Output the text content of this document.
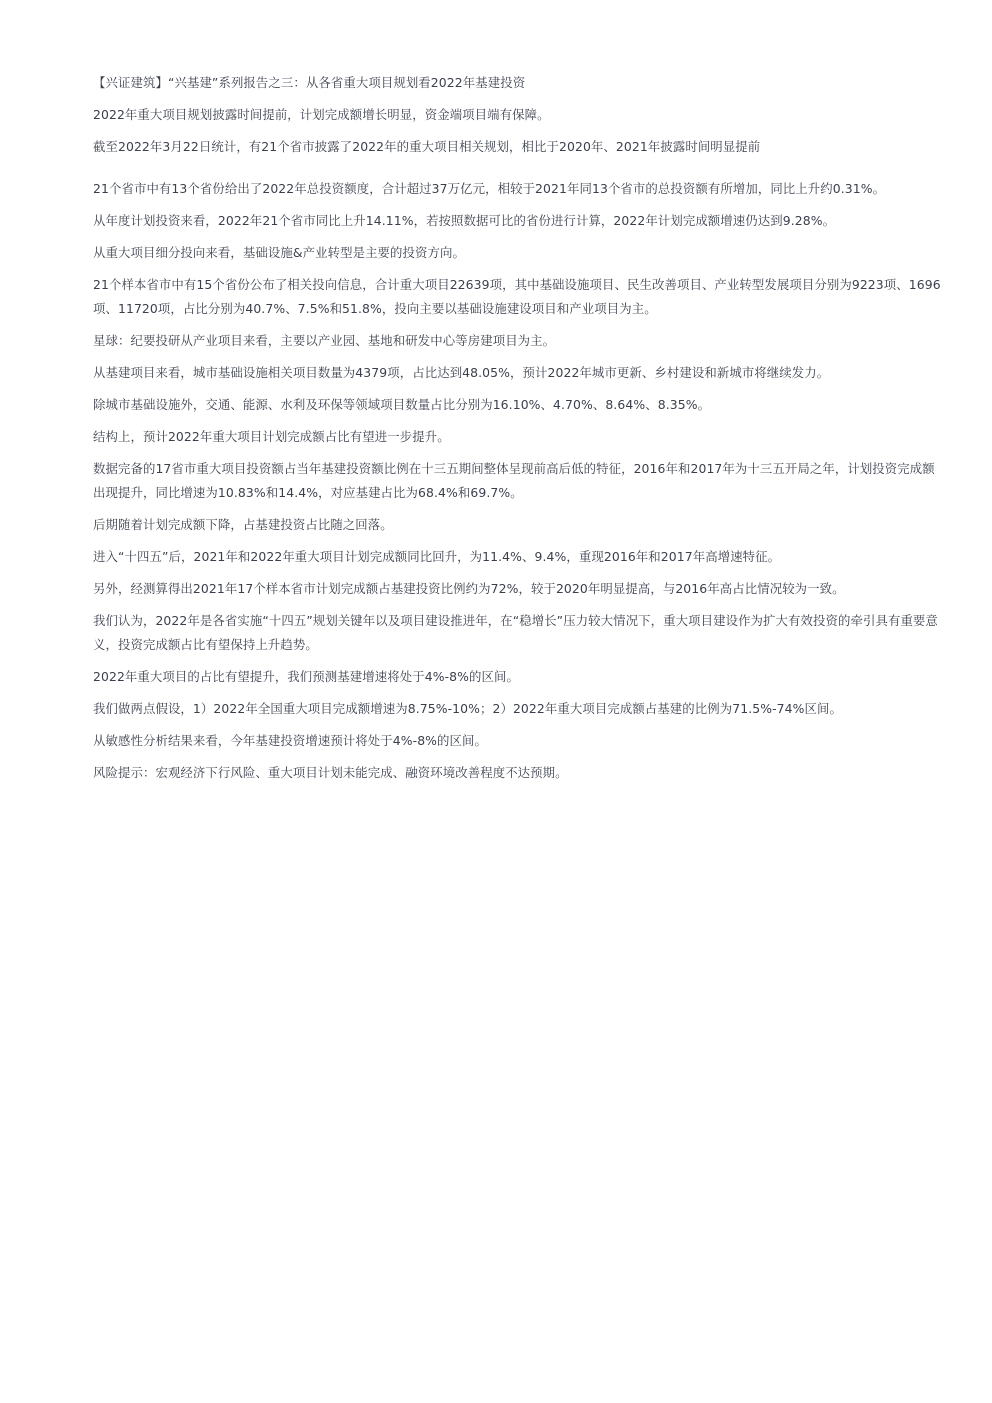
【兴证建筑】“兴基建”系列报告之三：从各省重大项目规划看2022年基建投资

2022年重大项目规划披露时间提前，计划完成额增长明显，资金端项目端有保障。

截至2022年3月22日统计，有21个省市披露了2022年的重大项目相关规划，相比于2020年、2021年披露时间明显提前

21个省市中有13个省份给出了2022年总投资额度，合计超过37万亿元，相较于2021年同13个省市的总投资额有所增加，同比上升约0.31%。

从年度计划投资来看，2022年21个省市同比上升14.11%，若按照数据可比的省份进行计算，2022年计划完成额增速仍达到9.28%。

从重大项目细分投向来看，基础设施&产业转型是主要的投资方向。

21个样本省市中有15个省份公布了相关投向信息，合计重大项目22639项，其中基础设施项目、民生改善项目、产业转型发展项目分别为9223项、1696项、11720项，占比分别为40.7%、7.5%和51.8%，投向主要以基础设施建设项目和产业项目为主。

星球：纪要投研从产业项目来看，主要以产业园、基地和研发中心等房建项目为主。

从基建项目来看，城市基础设施相关项目数量为4379项，占比达到48.05%，预计2022年城市更新、乡村建设和新城市将继续发力。

除城市基础设施外，交通、能源、水利及环保等领域项目数量占比分别为16.10%、4.70%、8.64%、8.35%。

结构上，预计2022年重大项目计划完成额占比有望进一步提升。

数据完备的17省市重大项目投资额占当年基建投资额比例在十三五期间整体呈现前高后低的特征，2016年和2017年为十三五开局之年，计划投资完成额出现提升，同比增速为10.83%和14.4%，对应基建占比为68.4%和69.7%。

后期随着计划完成额下降，占基建投资占比随之回落。

进入“十四五”后，2021年和2022年重大项目计划完成额同比回升，为11.4%、9.4%，重现2016年和2017年高增速特征。

另外，经测算得出2021年17个样本省市计划完成额占基建投资比例约为72%，较于2020年明显提高，与2016年高占比情况较为一致。

我们认为，2022年是各省实施“十四五”规划关键年以及项目建设推进年，在“稳增长”压力较大情况下，重大项目建设作为扩大有效投资的牵引具有重要意义，投资完成额占比有望保持上升趋势。

2022年重大项目的占比有望提升，我们预测基建增速将处于4%-8%的区间。

我们做两点假设，1）2022年全国重大项目完成额增速为8.75%-10%；2）2022年重大项目完成额占基建的比例为71.5%-74%区间。

从敏感性分析结果来看，今年基建投资增速预计将处于4%-8%的区间。

风险提示：宏观经济下行风险、重大项目计划未能完成、融资环境改善程度不达预期。
